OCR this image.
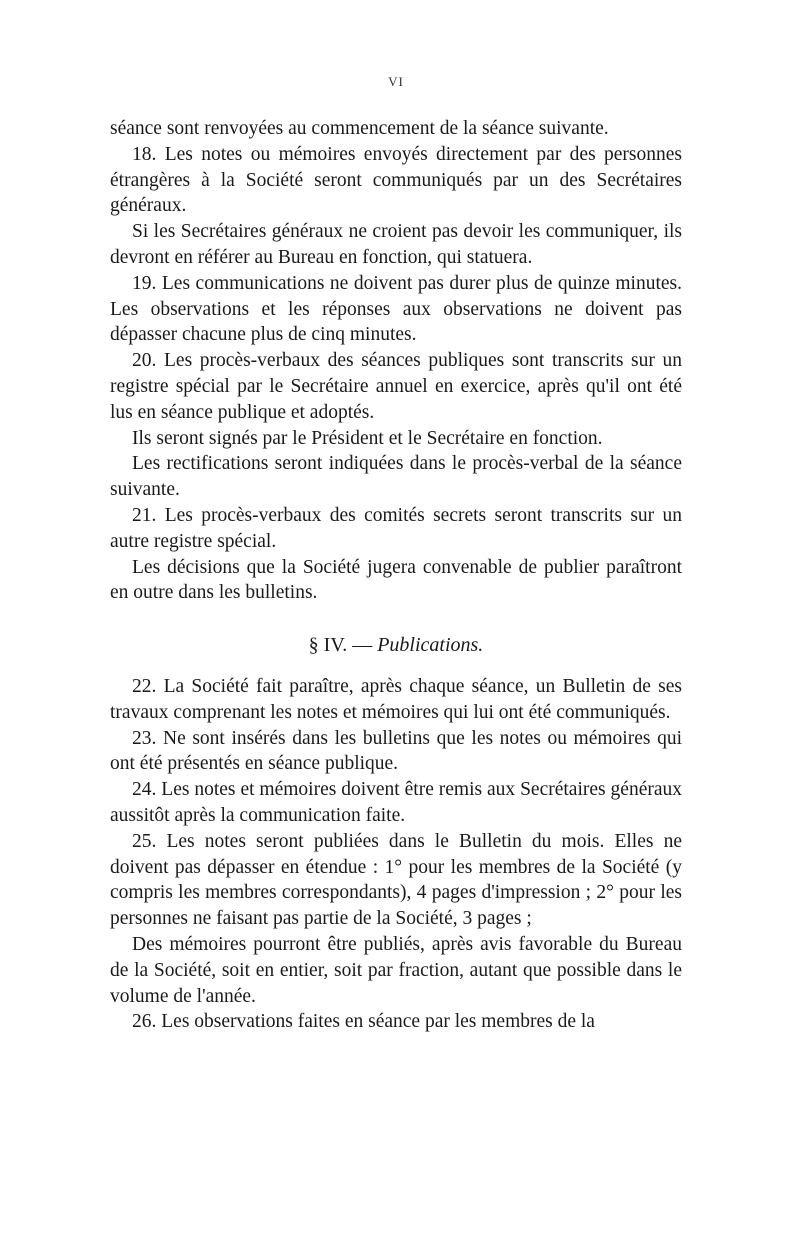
VI

séance sont renvoyées au commencement de la séance suivante.

18. Les notes ou mémoires envoyés directement par des personnes étrangères à la Société seront communiqués par un des Secrétaires généraux.

Si les Secrétaires généraux ne croient pas devoir les communiquer, ils devront en référer au Bureau en fonction, qui statuera.

19. Les communications ne doivent pas durer plus de quinze minutes. Les observations et les réponses aux observations ne doivent pas dépasser chacune plus de cinq minutes.

20. Les procès-verbaux des séances publiques sont transcrits sur un registre spécial par le Secrétaire annuel en exercice, après qu'il ont été lus en séance publique et adoptés.

Ils seront signés par le Président et le Secrétaire en fonction.

Les rectifications seront indiquées dans le procès-verbal de la séance suivante.

21. Les procès-verbaux des comités secrets seront transcrits sur un autre registre spécial.

Les décisions que la Société jugera convenable de publier paraîtront en outre dans les bulletins.

§ IV. — Publications.

22. La Société fait paraître, après chaque séance, un Bulletin de ses travaux comprenant les notes et mémoires qui lui ont été communiqués.

23. Ne sont insérés dans les bulletins que les notes ou mémoires qui ont été présentés en séance publique.

24. Les notes et mémoires doivent être remis aux Secrétaires généraux aussitôt après la communication faite.

25. Les notes seront publiées dans le Bulletin du mois. Elles ne doivent pas dépasser en étendue : 1° pour les membres de la Société (y compris les membres correspondants), 4 pages d'impression ; 2° pour les personnes ne faisant pas partie de la Société, 3 pages ;

Des mémoires pourront être publiés, après avis favorable du Bureau de la Société, soit en entier, soit par fraction, autant que possible dans le volume de l'année.

26. Les observations faites en séance par les membres de la
